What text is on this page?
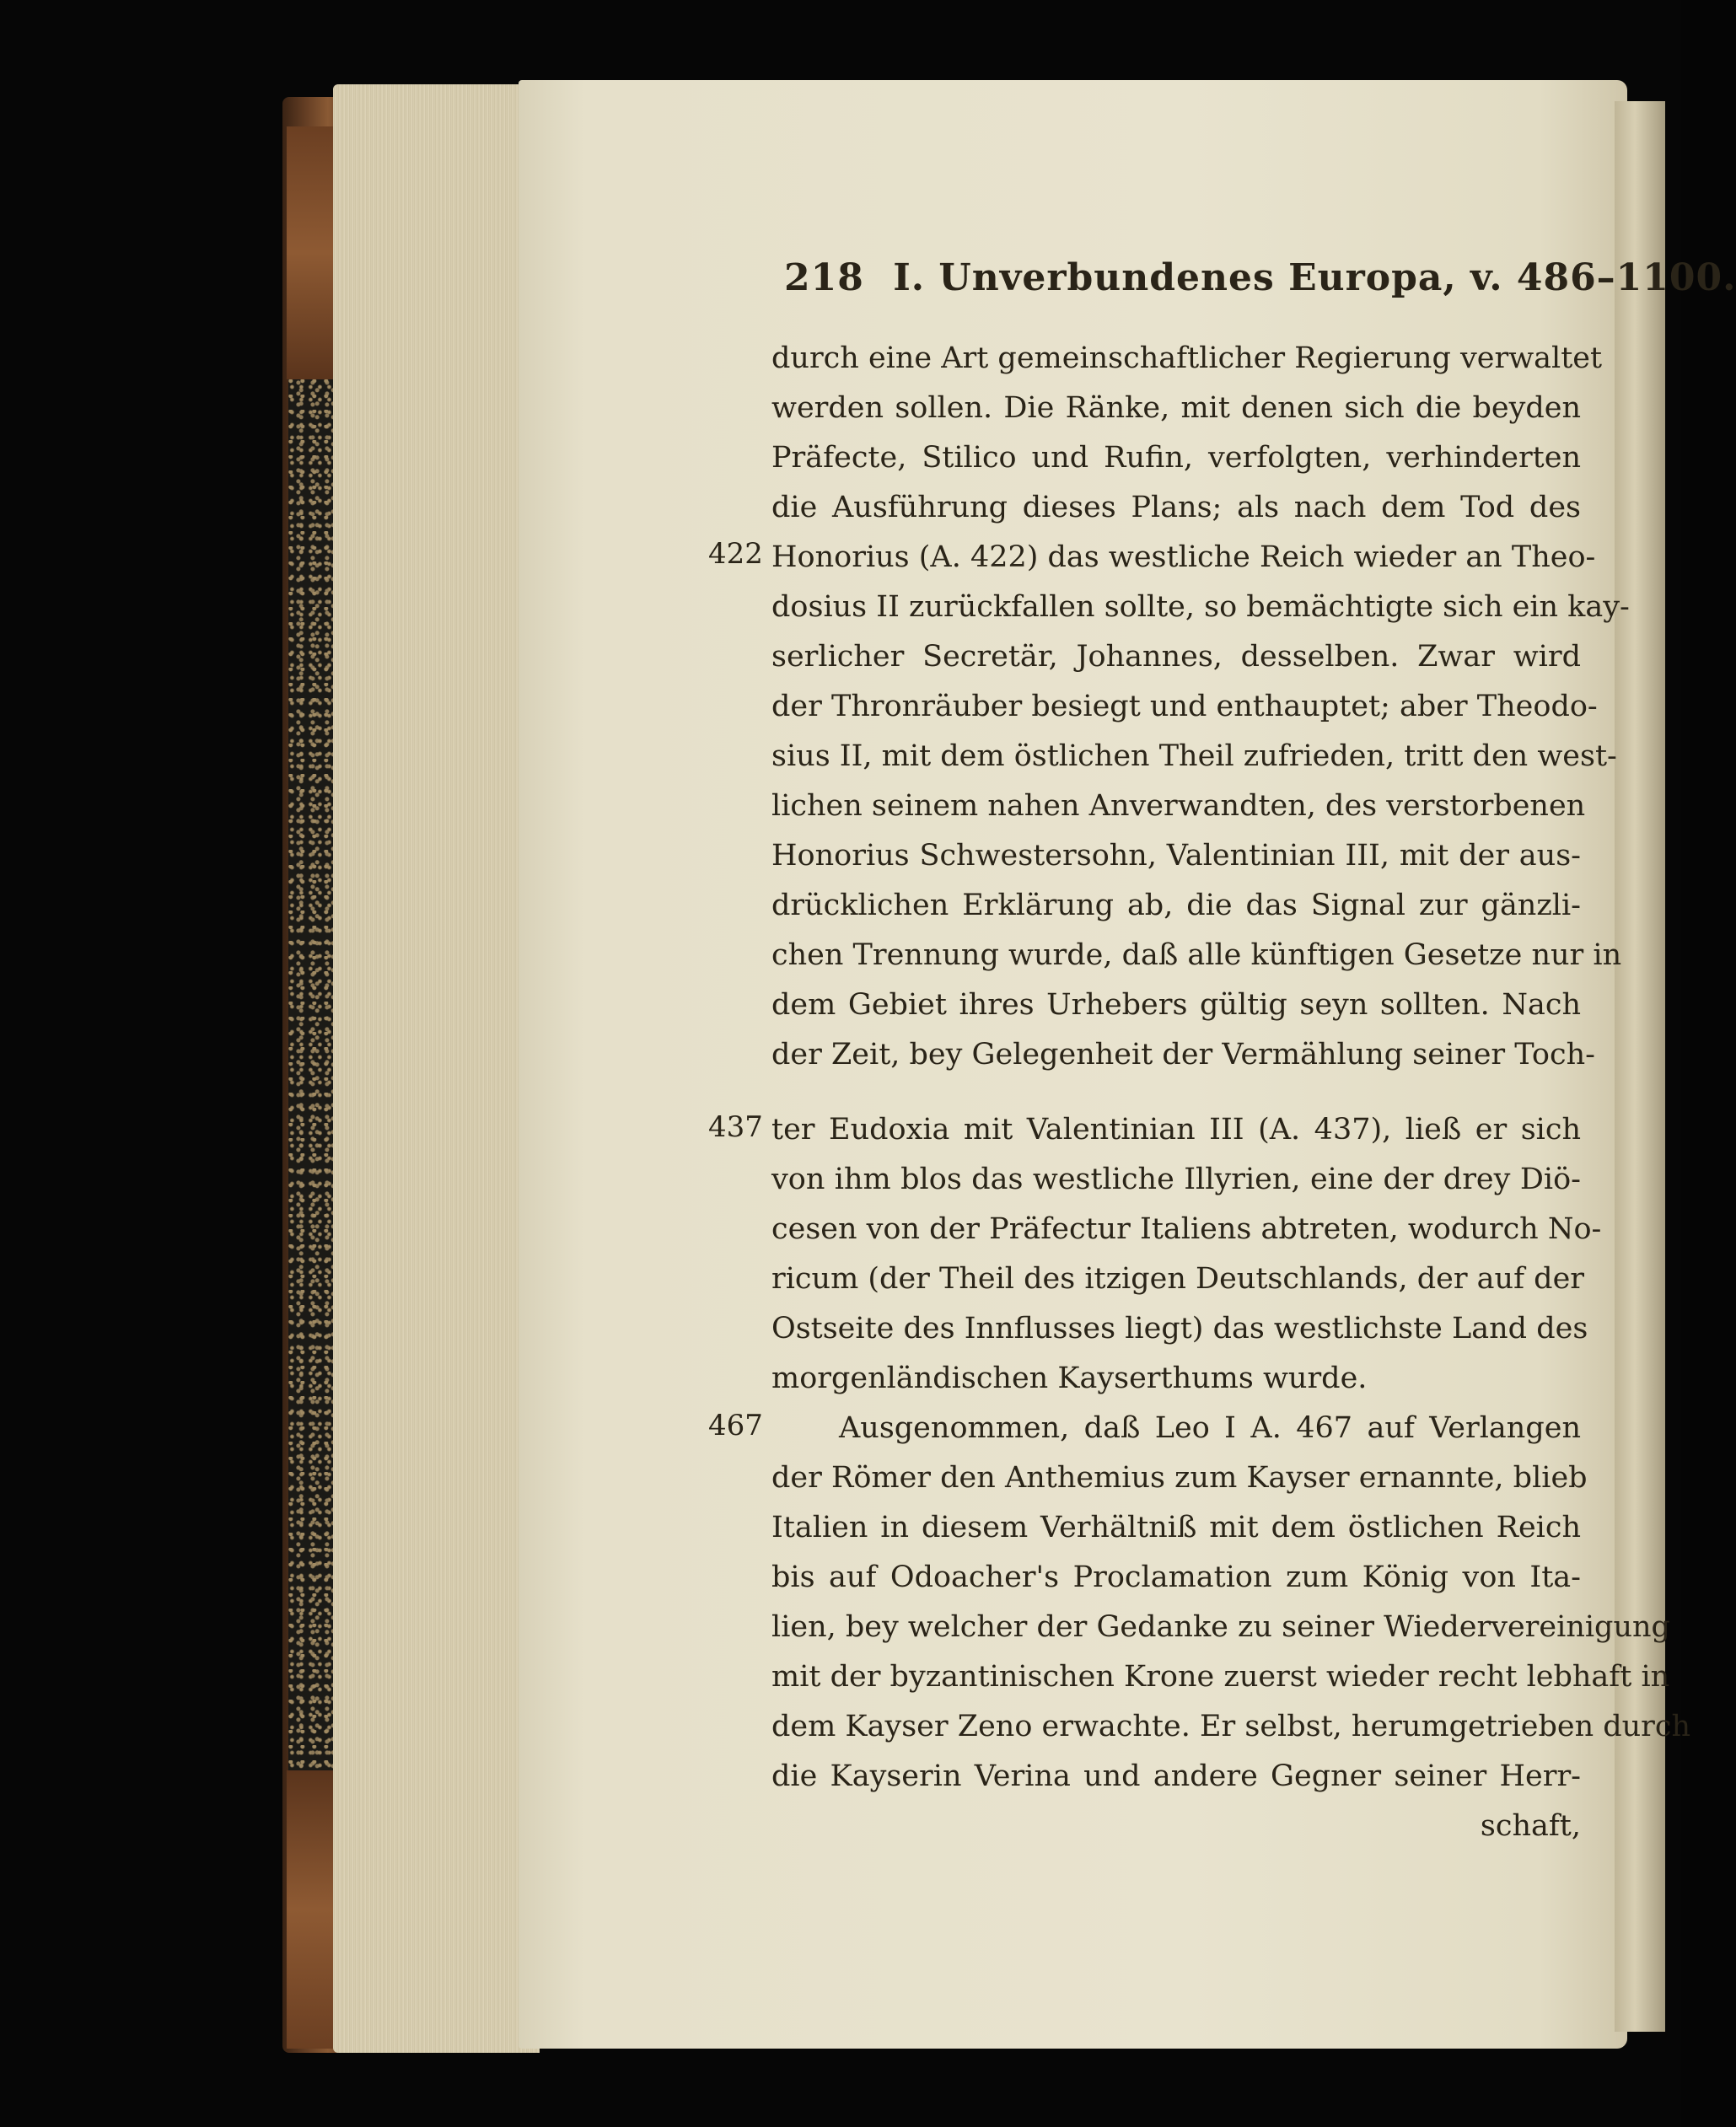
218 I. Unverbundenes Europa, v. 486–1100.
422
437
467
durch eine Art gemeinschaftlicher Regierung verwaltet
werden sollen. Die Ränke, mit denen sich die beyden
Präfecte, Stilico und Rufin, verfolgten, verhinderten
die Ausführung dieses Plans; als nach dem Tod des
Honorius (A. 422) das westliche Reich wieder an Theo-
dosius II zurückfallen sollte, so bemächtigte sich ein kay-
serlicher Secretär, Johannes, desselben. Zwar wird
der Thronräuber besiegt und enthauptet; aber Theodo-
sius II, mit dem östlichen Theil zufrieden, tritt den west-
lichen seinem nahen Anverwandten, des verstorbenen
Honorius Schwestersohn, Valentinian III, mit der aus-
drücklichen Erklärung ab, die das Signal zur gänzli-
chen Trennung wurde, daß alle künftigen Gesetze nur in
dem Gebiet ihres Urhebers gültig seyn sollten. Nach
der Zeit, bey Gelegenheit der Vermählung seiner Toch-
ter Eudoxia mit Valentinian III (A. 437), ließ er sich
von ihm blos das westliche Illyrien, eine der drey Diö-
cesen von der Präfectur Italiens abtreten, wodurch No-
ricum (der Theil des itzigen Deutschlands, der auf der
Ostseite des Innflusses liegt) das westlichste Land des
morgenländischen Kayserthums wurde.
Ausgenommen, daß Leo I A. 467 auf Verlangen
der Römer den Anthemius zum Kayser ernannte, blieb
Italien in diesem Verhältniß mit dem östlichen Reich
bis auf Odoacher's Proclamation zum König von Ita-
lien, bey welcher der Gedanke zu seiner Wiedervereinigung
mit der byzantinischen Krone zuerst wieder recht lebhaft in
dem Kayser Zeno erwachte. Er selbst, herumgetrieben durch
die Kayserin Verina und andere Gegner seiner Herr-
schaft,
